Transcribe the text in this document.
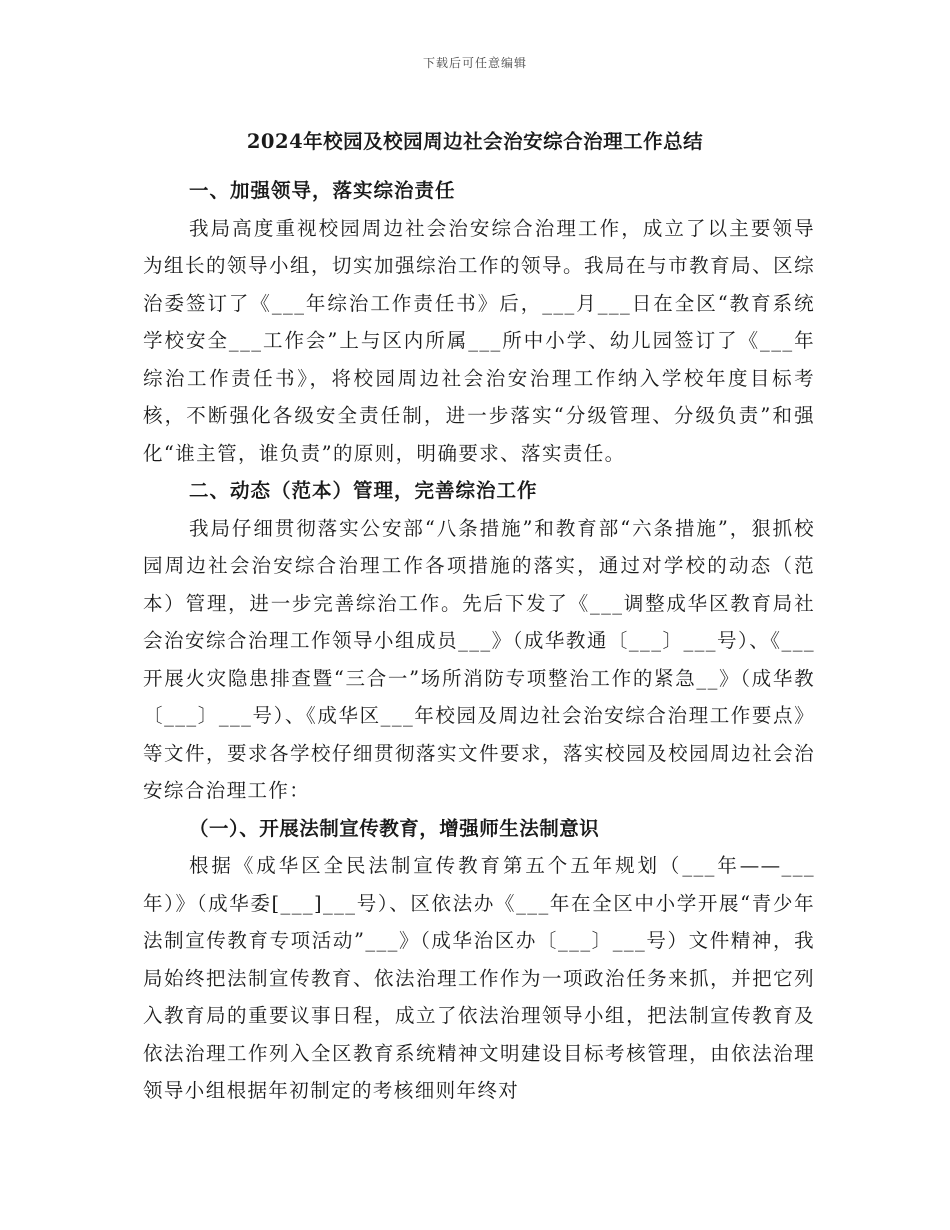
下载后可任意编辑
2024年校园及校园周边社会治安综合治理工作总结

一、加强领导，落实综治责任

我局高度重视校园周边社会治安综合治理工作，成立了以主要领导为组长的领导小组，切实加强综治工作的领导。我局在与市教育局、区综治委签订了《___年综治工作责任书》后，___月___日在全区“教育系统学校安全___工作会”上与区内所属___所中小学、幼儿园签订了《___年综治工作责任书》，将校园周边社会治安治理工作纳入学校年度目标考核，不断强化各级安全责任制，进一步落实“分级管理、分级负责”和强化“谁主管，谁负责”的原则，明确要求、落实责任。

二、动态（范本）管理，完善综治工作

我局仔细贯彻落实公安部“八条措施”和教育部“六条措施”，狠抓校园周边社会治安综合治理工作各项措施的落实，通过对学校的动态（范本）管理，进一步完善综治工作。先后下发了《___调整成华区教育局社会治安综合治理工作领导小组成员___》（成华教通〔___〕___号）、《___开展火灾隐患排查暨“三合一”场所消防专项整治工作的紧急__》（成华教〔___〕___号）、《成华区___年校园及周边社会治安综合治理工作要点》等文件，要求各学校仔细贯彻落实文件要求，落实校园及校园周边社会治安综合治理工作：

（一）、开展法制宣传教育，增强师生法制意识

根据《成华区全民法制宣传教育第五个五年规划（___年——___年）》（成华委[___]___号）、区依法办《___年在全区中小学开展“青少年法制宣传教育专项活动”___》（成华治区办〔___〕___号）文件精神，我局始终把法制宣传教育、依法治理工作作为一项政治任务来抓，并把它列入教育局的重要议事日程，成立了依法治理领导小组，把法制宣传教育及依法治理工作列入全区教育系统精神文明建设目标考核管理，由依法治理领导小组根据年初制定的考核细则年终对
